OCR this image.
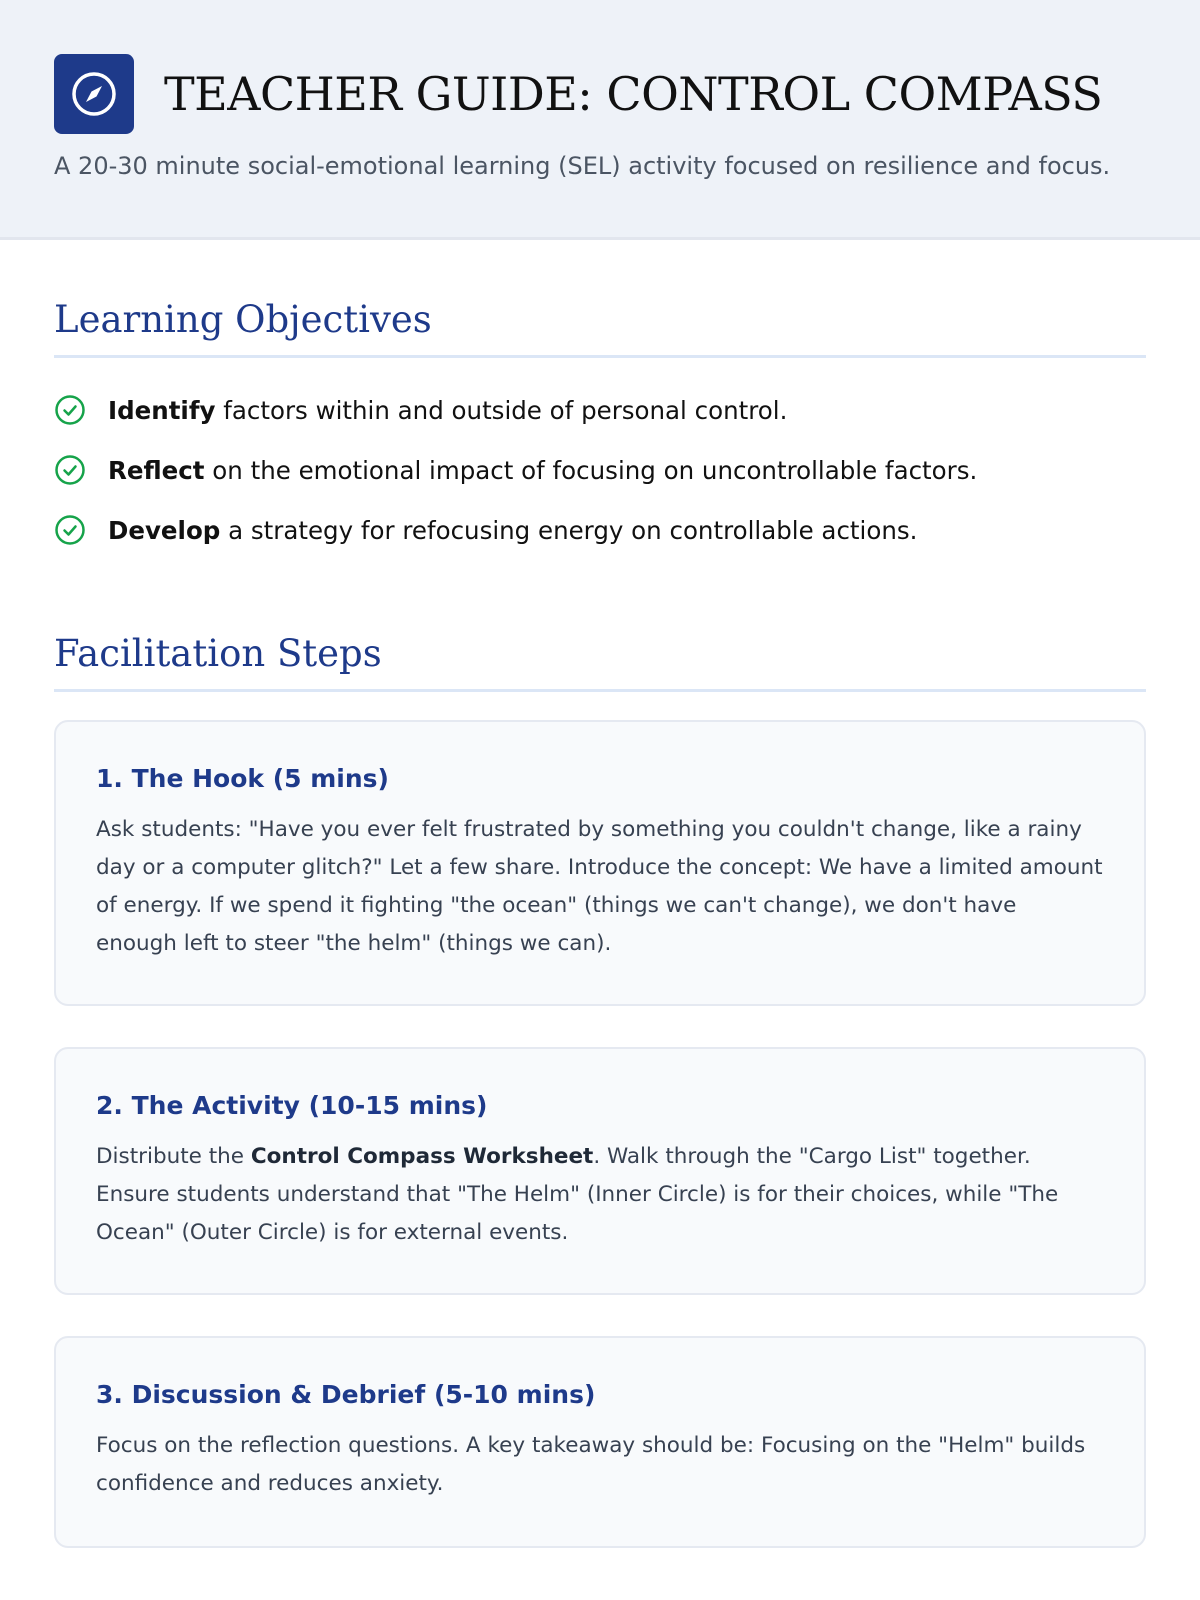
TEACHER GUIDE: CONTROL COMPASS
A 20-30 minute social-emotional learning (SEL) activity focused on resilience and focus.
Learning Objectives
Identify factors within and outside of personal control.
Reflect on the emotional impact of focusing on uncontrollable factors.
Develop a strategy for refocusing energy on controllable actions.
Facilitation Steps
1. The Hook (5 mins)

Ask students: "Have you ever felt frustrated by something you couldn't change, like a rainy day or a computer glitch?" Let a few share. Introduce the concept: We have a limited amount of energy. If we spend it fighting "the ocean" (things we can't change), we don't have enough left to steer "the helm" (things we can).

2. The Activity (10-15 mins)

Distribute the Control Compass Worksheet. Walk through the "Cargo List" together. Ensure students understand that "The Helm" (Inner Circle) is for their choices, while "The Ocean" (Outer Circle) is for external events.

3. Discussion & Debrief (5-10 mins)

Focus on the reflection questions. A key takeaway should be: Focusing on the "Helm" builds confidence and reduces anxiety.
